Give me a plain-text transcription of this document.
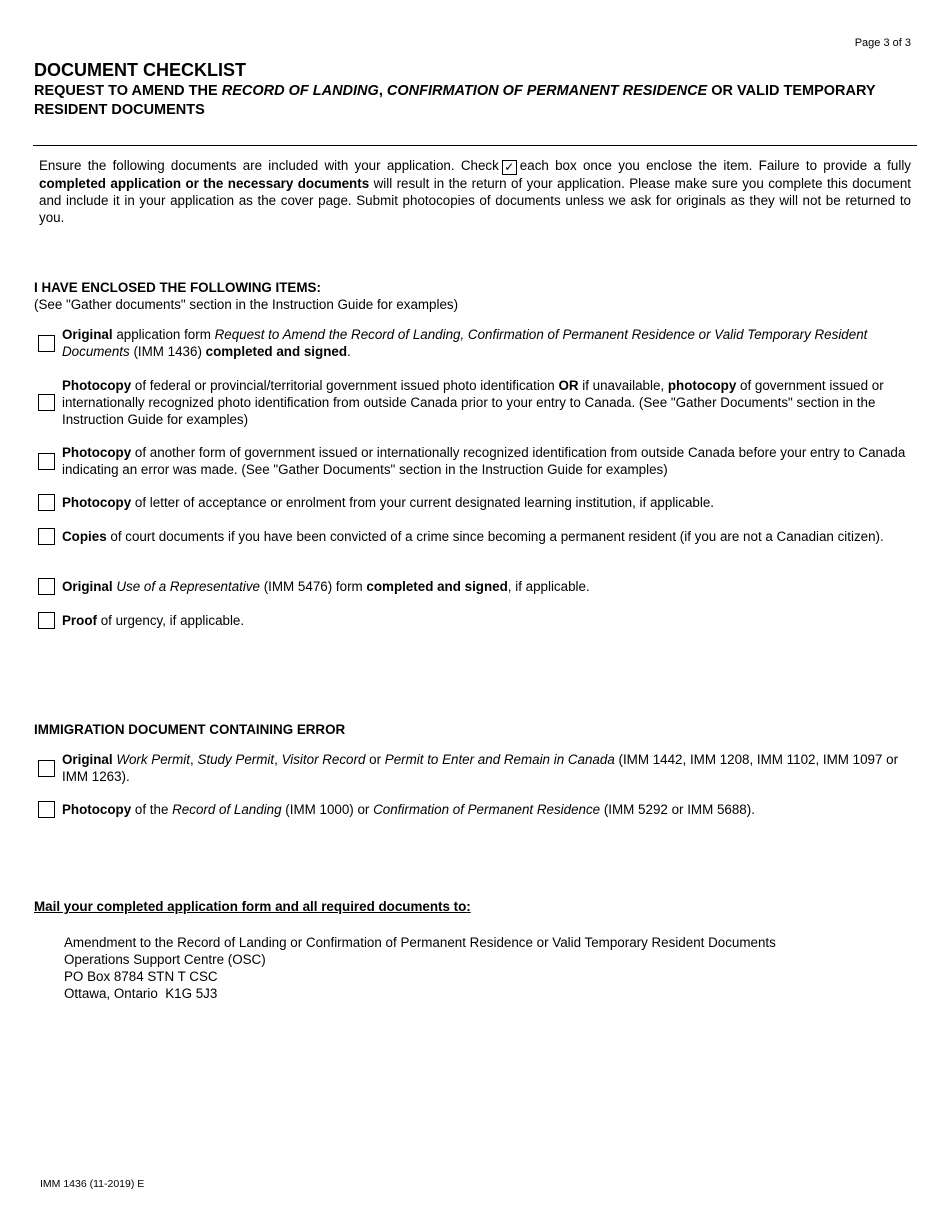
Page 3 of 3
DOCUMENT CHECKLIST
REQUEST TO AMEND THE RECORD OF LANDING, CONFIRMATION OF PERMANENT RESIDENCE OR VALID TEMPORARY RESIDENT DOCUMENTS
Ensure the following documents are included with your application. Check ✓ each box once you enclose the item. Failure to provide a fully completed application or the necessary documents will result in the return of your application. Please make sure you complete this document and include it in your application as the cover page. Submit photocopies of documents unless we ask for originals as they will not be returned to you.
I HAVE ENCLOSED THE FOLLOWING ITEMS:
(See "Gather documents" section in the Instruction Guide for examples)
Original application form Request to Amend the Record of Landing, Confirmation of Permanent Residence or Valid Temporary Resident Documents (IMM 1436) completed and signed.
Photocopy of federal or provincial/territorial government issued photo identification OR if unavailable, photocopy of government issued or internationally recognized photo identification from outside Canada prior to your entry to Canada. (See "Gather Documents" section in the Instruction Guide for examples)
Photocopy of another form of government issued or internationally recognized identification from outside Canada before your entry to Canada indicating an error was made. (See "Gather Documents" section in the Instruction Guide for examples)
Photocopy of letter of acceptance or enrolment from your current designated learning institution, if applicable.
Copies of court documents if you have been convicted of a crime since becoming a permanent resident (if you are not a Canadian citizen).
Original Use of a Representative (IMM 5476) form completed and signed, if applicable.
Proof of urgency, if applicable.
IMMIGRATION DOCUMENT CONTAINING ERROR
Original Work Permit, Study Permit, Visitor Record or Permit to Enter and Remain in Canada (IMM 1442, IMM 1208, IMM 1102, IMM 1097 or IMM 1263).
Photocopy of the Record of Landing (IMM 1000) or Confirmation of Permanent Residence (IMM 5292 or IMM 5688).
Mail your completed application form and all required documents to:
Amendment to the Record of Landing or Confirmation of Permanent Residence or Valid Temporary Resident Documents
Operations Support Centre (OSC)
PO Box 8784 STN T CSC
Ottawa, Ontario  K1G 5J3
IMM 1436 (11-2019) E
